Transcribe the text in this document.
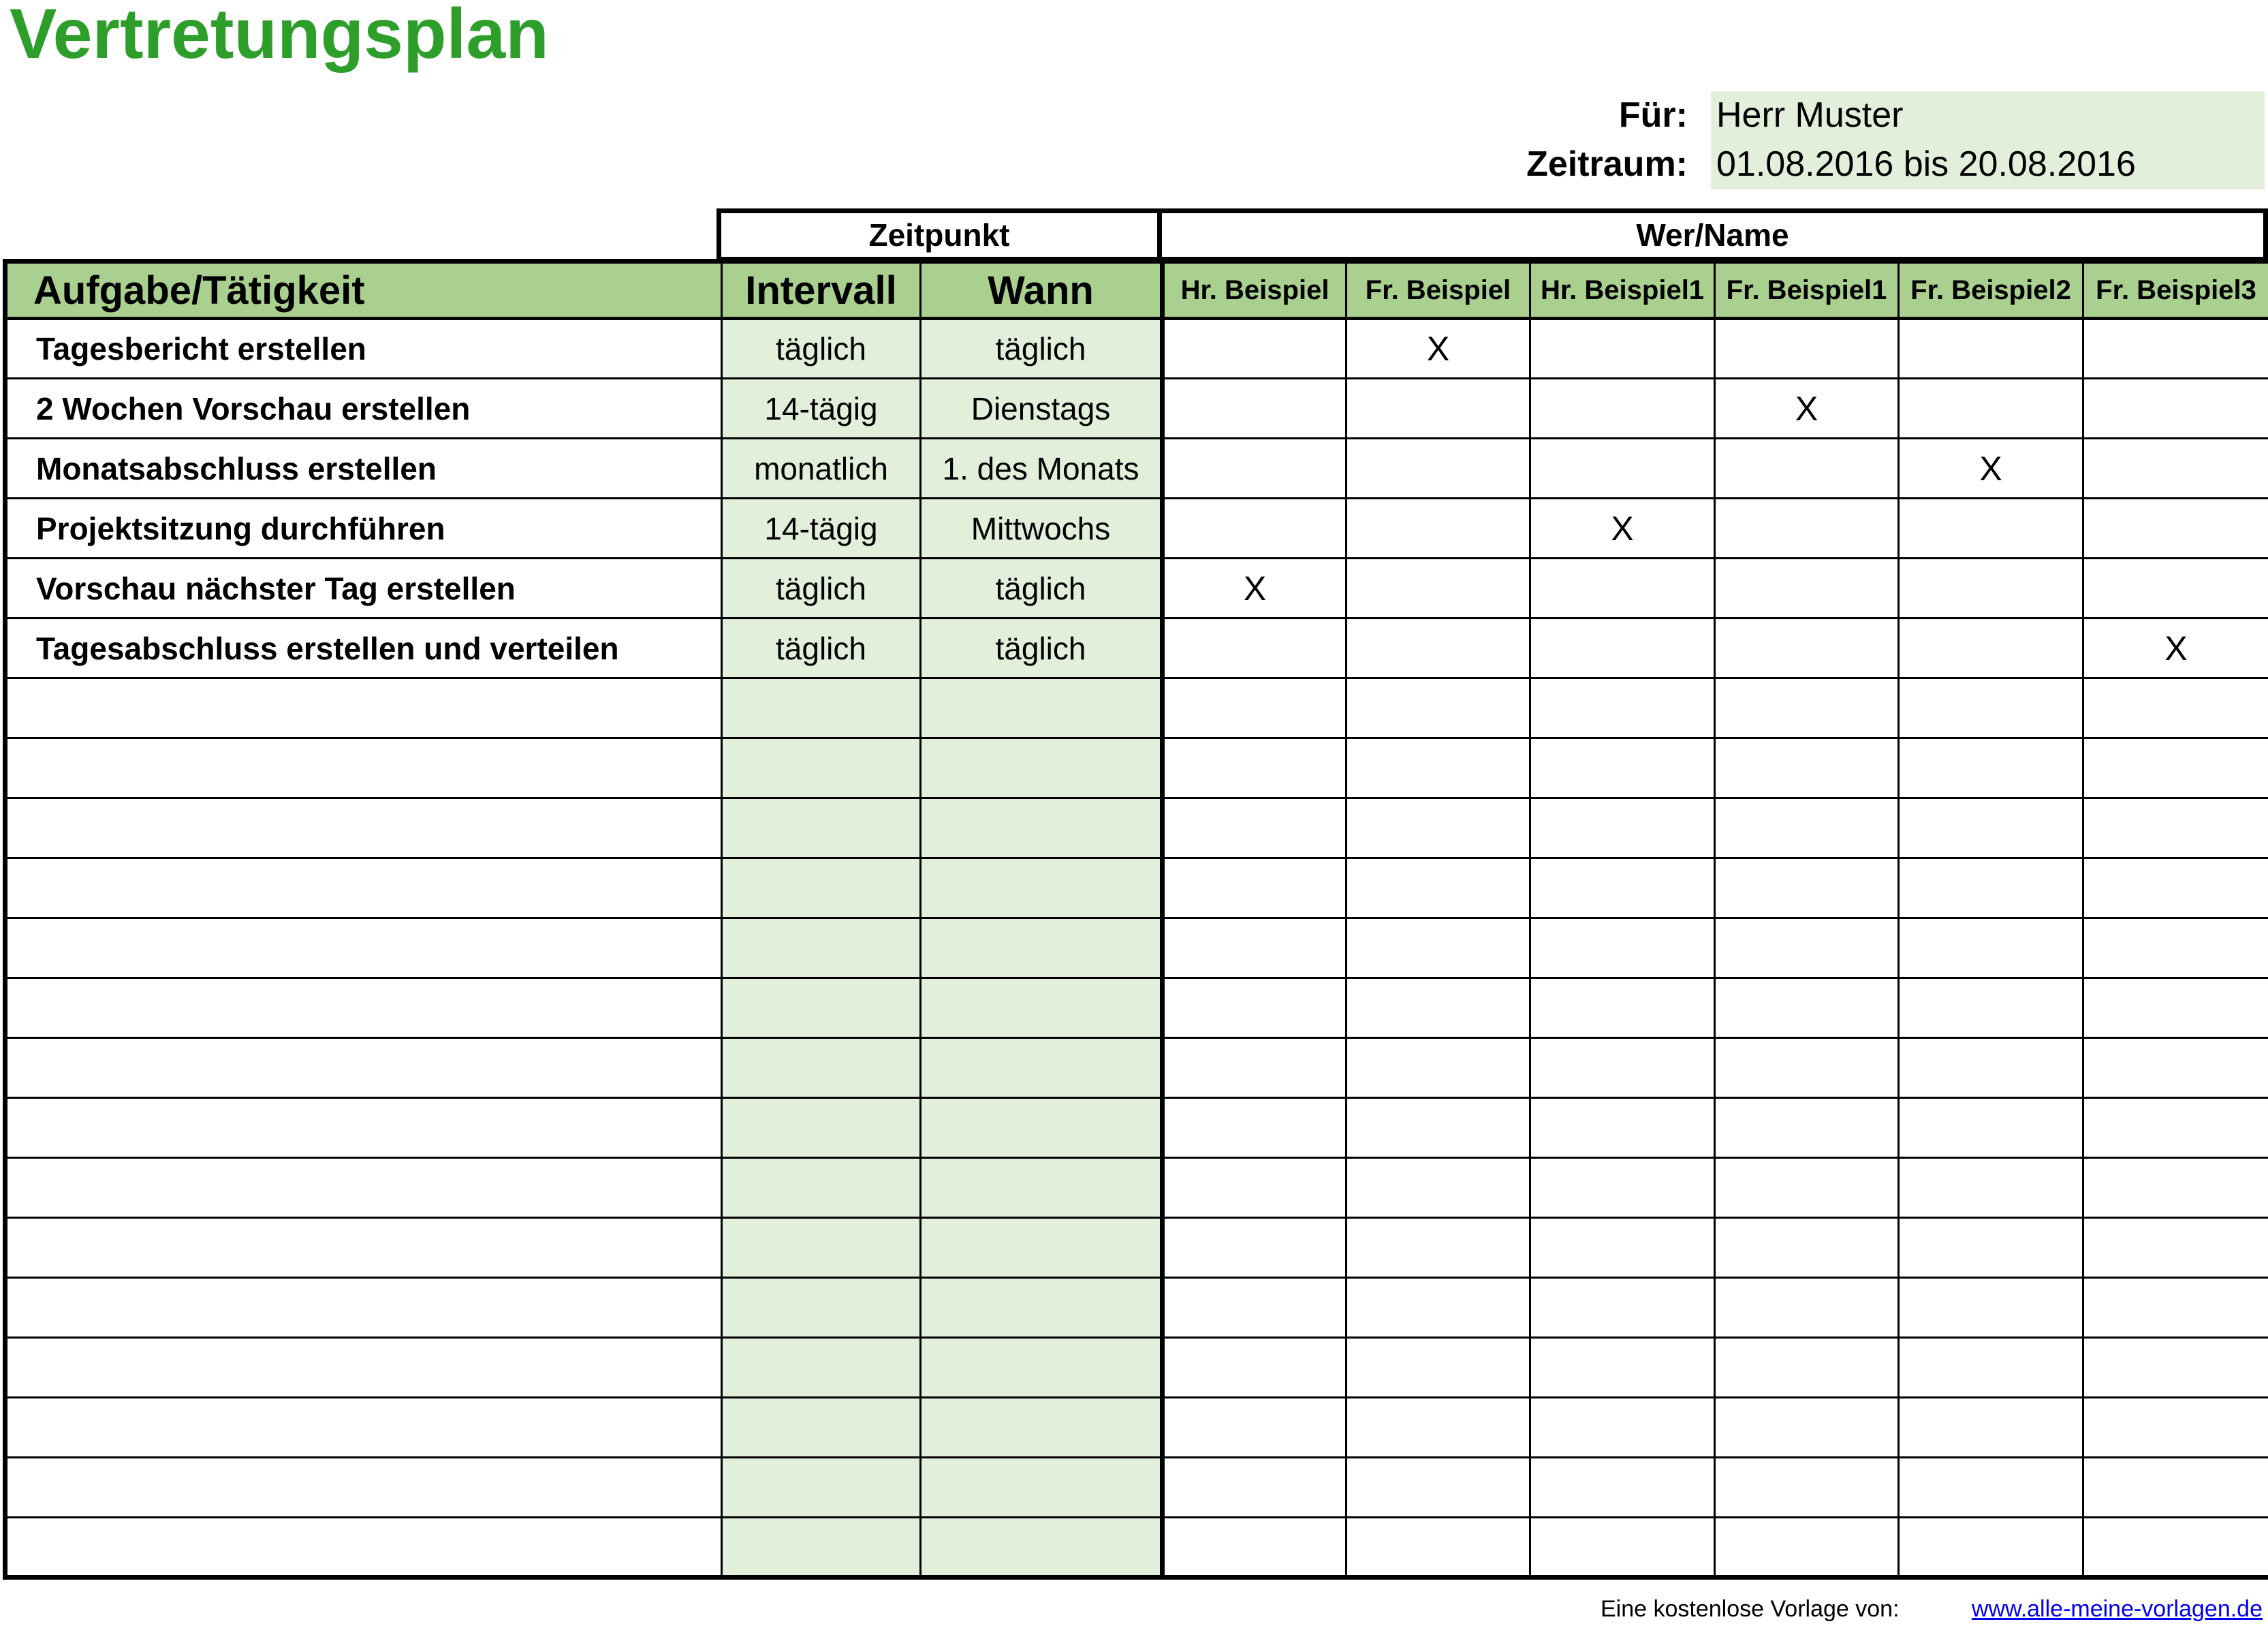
Vertretungsplan
Für: Herr Muster
Zeitraum: 01.08.2016 bis 20.08.2016
Zeitpunkt	Wer/Name
Aufgabe/Tätigkeit	Intervall	Wann	Hr. Beispiel	Fr. Beispiel	Hr. Beispiel1	Fr. Beispiel1	Fr. Beispiel2	Fr. Beispiel3
Tagesbericht erstellen	täglich	täglich		X				
2 Wochen Vorschau erstellen	14-tägig	Dienstags				X		
Monatsabschluss erstellen	monatlich	1. des Monats					X	
Projektsitzung durchführen	14-tägig	Mittwochs			X			
Vorschau nächster Tag erstellen	täglich	täglich	X					
Tagesabschluss erstellen und verteilen	täglich	täglich						X

Eine kostenlose Vorlage von:	www.alle-meine-vorlagen.de
